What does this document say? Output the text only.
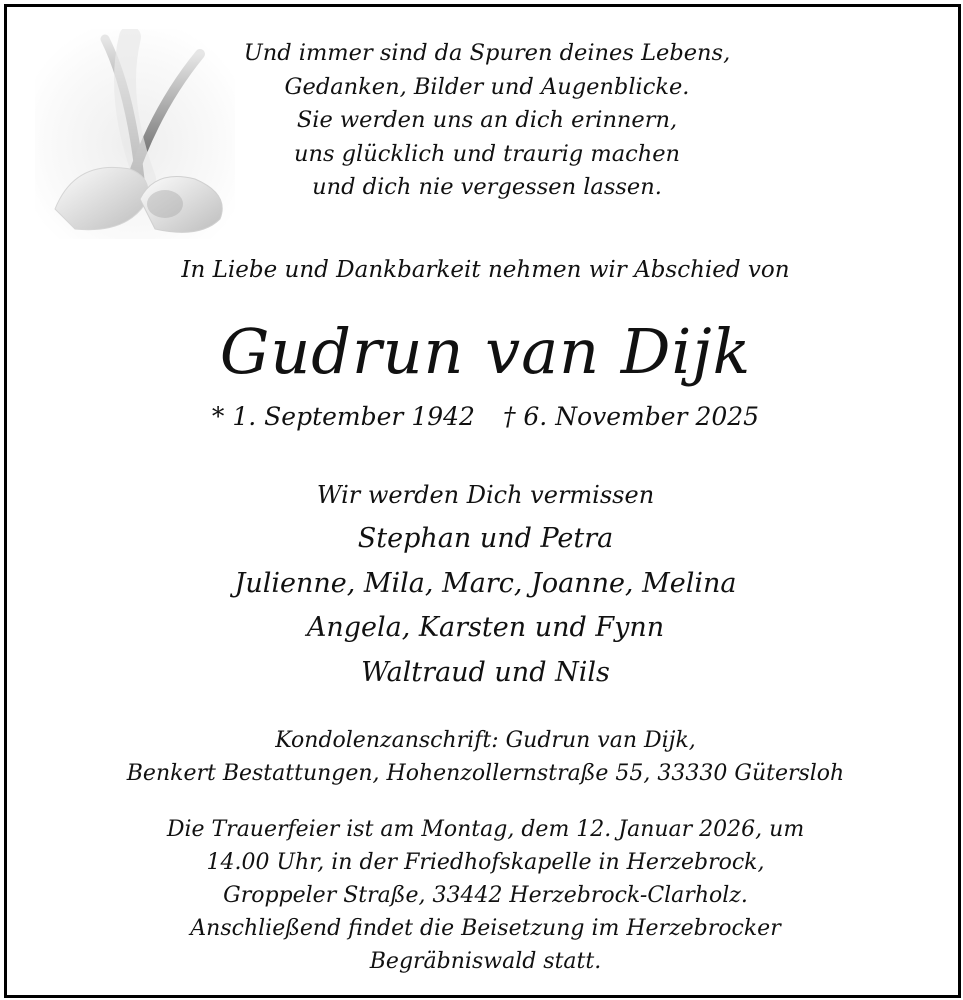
Und immer sind da Spuren deines Lebens,
Gedanken, Bilder und Augenblicke.
Sie werden uns an dich erinnern,
uns glücklich und traurig machen
und dich nie vergessen lassen.
In Liebe und Dankbarkeit nehmen wir Abschied von
Gudrun van Dijk
* 1. September 1942 † 6. November 2025
Wir werden Dich vermissen
Stephan und Petra
Julienne, Mila, Marc, Joanne, Melina
Angela, Karsten und Fynn
Waltraud und Nils
Kondolenzanschrift: Gudrun van Dijk,
Benkert Bestattungen, Hohenzollernstraße 55, 33330 Gütersloh
Die Trauerfeier ist am Montag, dem 12. Januar 2026, um
14.00 Uhr, in der Friedhofskapelle in Herzebrock,
Groppeler Straße, 33442 Herzebrock-Clarholz.
Anschließend findet die Beisetzung im Herzebrocker
Begräbniswald statt.
